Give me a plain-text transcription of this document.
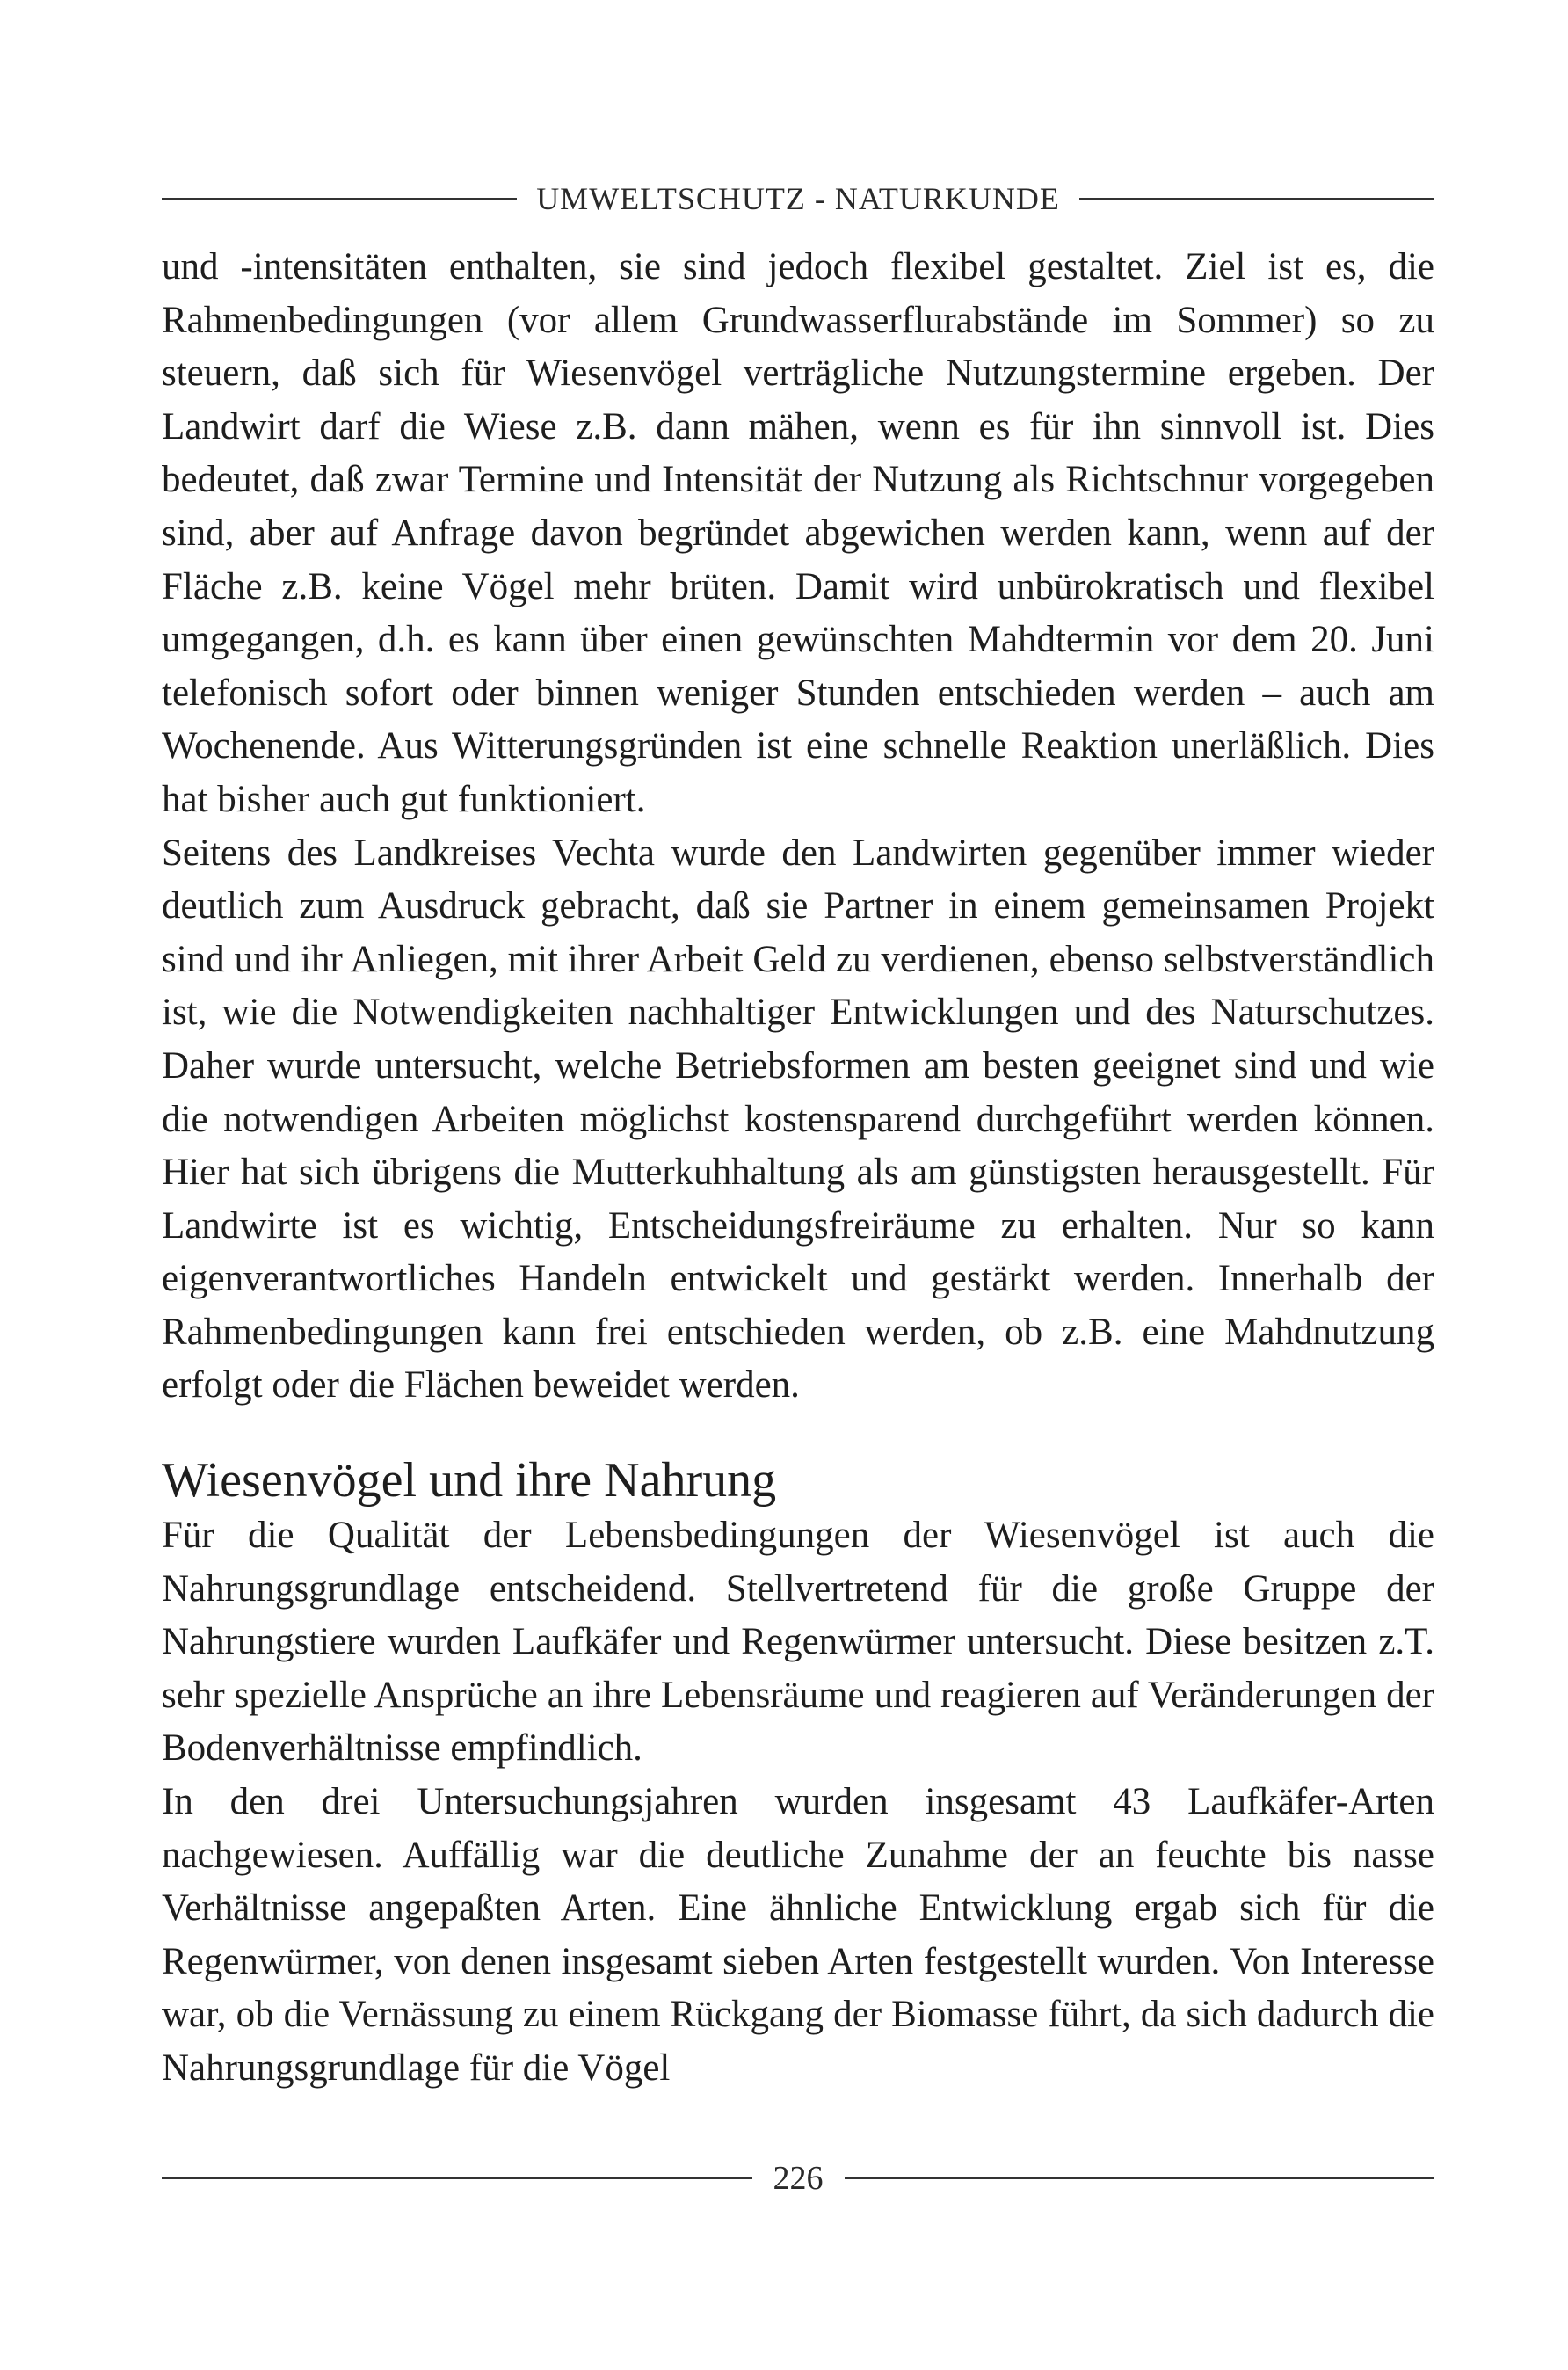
UMWELTSCHUTZ - NATURKUNDE

und -intensitäten enthalten, sie sind jedoch flexibel gestaltet. Ziel ist es, die Rahmenbedingungen (vor allem Grundwasserflurabstände im Sommer) so zu steuern, daß sich für Wiesenvögel verträgliche Nutzungstermine ergeben. Der Landwirt darf die Wiese z.B. dann mähen, wenn es für ihn sinnvoll ist. Dies bedeutet, daß zwar Termine und Intensität der Nutzung als Richtschnur vorgegeben sind, aber auf Anfrage davon begründet abgewichen werden kann, wenn auf der Fläche z.B. keine Vögel mehr brüten. Damit wird unbürokratisch und flexibel umgegangen, d.h. es kann über einen gewünschten Mahdtermin vor dem 20. Juni telefonisch sofort oder binnen weniger Stunden entschieden werden – auch am Wochenende. Aus Witterungsgründen ist eine schnelle Reaktion unerläßlich. Dies hat bisher auch gut funktioniert.

Seitens des Landkreises Vechta wurde den Landwirten gegenüber immer wieder deutlich zum Ausdruck gebracht, daß sie Partner in einem gemeinsamen Projekt sind und ihr Anliegen, mit ihrer Arbeit Geld zu verdienen, ebenso selbstverständlich ist, wie die Notwendigkeiten nachhaltiger Entwicklungen und des Naturschutzes. Daher wurde untersucht, welche Betriebsformen am besten geeignet sind und wie die notwendigen Arbeiten möglichst kostensparend durchgeführt werden können. Hier hat sich übrigens die Mutterkuhhaltung als am günstigsten herausgestellt. Für Landwirte ist es wichtig, Entscheidungsfreiräume zu erhalten. Nur so kann eigenverantwortliches Handeln entwickelt und gestärkt werden. Innerhalb der Rahmenbedingungen kann frei entschieden werden, ob z.B. eine Mahdnutzung erfolgt oder die Flächen beweidet werden.

Wiesenvögel und ihre Nahrung

Für die Qualität der Lebensbedingungen der Wiesenvögel ist auch die Nahrungsgrundlage entscheidend. Stellvertretend für die große Gruppe der Nahrungstiere wurden Laufkäfer und Regenwürmer untersucht. Diese besitzen z.T. sehr spezielle Ansprüche an ihre Lebensräume und reagieren auf Veränderungen der Bodenverhältnisse empfindlich.

In den drei Untersuchungsjahren wurden insgesamt 43 Laufkäfer-Arten nachgewiesen. Auffällig war die deutliche Zunahme der an feuchte bis nasse Verhältnisse angepaßten Arten. Eine ähnliche Entwicklung ergab sich für die Regenwürmer, von denen insgesamt sieben Arten festgestellt wurden. Von Interesse war, ob die Vernässung zu einem Rückgang der Biomasse führt, da sich dadurch die Nahrungsgrundlage für die Vögel

226
